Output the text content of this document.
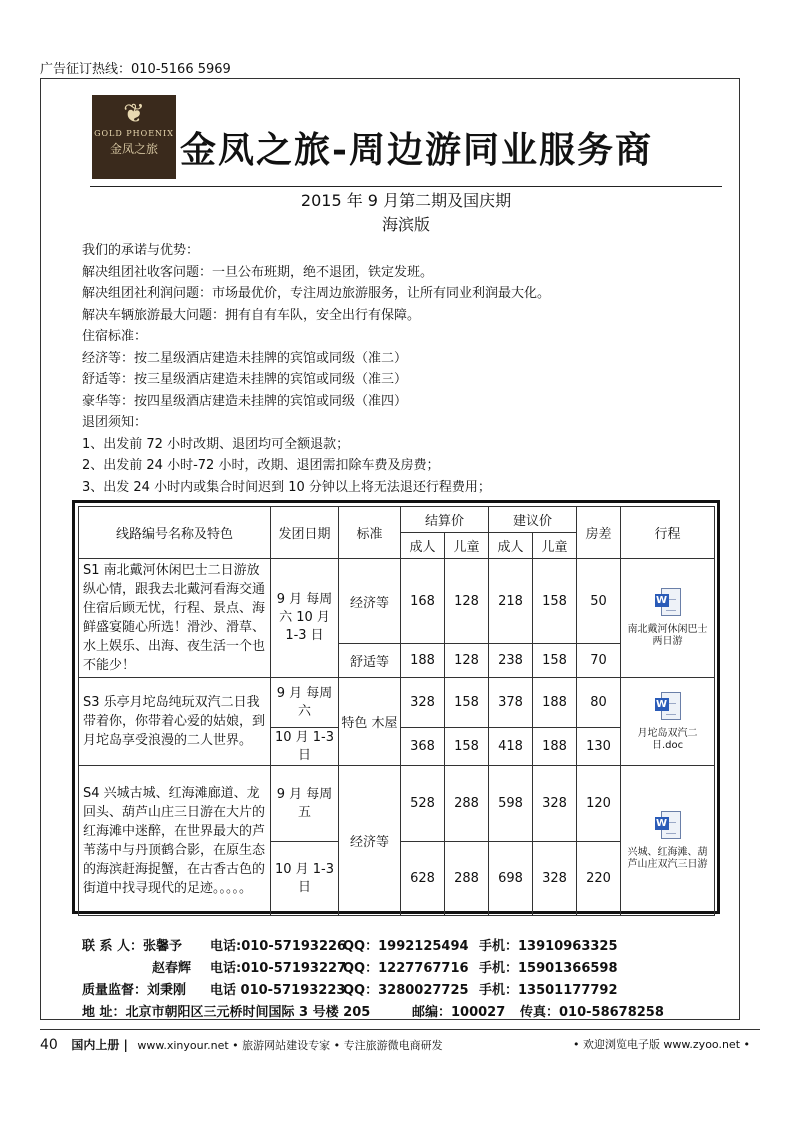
广告征订热线：010-5166 5969
❦
GOLD PHOENIX
金凤之旅 金凤之旅-周边游同业服务商
2015 年 9 月第二期及国庆期
海滨版
我们的承诺与优势：
解决组团社收客问题：一旦公布班期，绝不退团，铁定发班。
解决组团社利润问题：市场最优价，专注周边旅游服务，让所有同业利润最大化。
解决车辆旅游最大问题：拥有自有车队，安全出行有保障。
住宿标准：
经济等：按二星级酒店建造未挂牌的宾馆或同级（准二）
舒适等：按三星级酒店建造未挂牌的宾馆或同级（准三）
豪华等：按四星级酒店建造未挂牌的宾馆或同级（准四）
退团须知：
1、出发前 72 小时改期、退团均可全额退款；
2、出发前 24 小时-72 小时，改期、退团需扣除车费及房费；
3、出发 24 小时内或集合时间迟到 10 分钟以上将无法退还行程费用；
线路编号名称及特色	发团日期	标准	结算价		建议价		房差	行程
			成人	儿童	成人	儿童		
S1 南北戴河休闲巴士二日游放纵心情，跟我去北戴河看海交通住宿后顾无忧，行程、景点、海鲜盛宴随心所选！滑沙、滑草、水上娱乐、出海、夜生活一个也不能少！	9 月 每周六 10 月 1-3 日	经济等	168	128	218	158	50	W
南北戴河休闲巴士两日游

		舒适等	188	128	238	158	70	
S3 乐亭月坨岛纯玩双汽二日我带着你，你带着心爱的姑娘，到月坨岛享受浪漫的二人世界。	9 月 每周六	特色 木屋	328	158	378	188	80	W
月坨岛双汽二日.doc

	10 月 1-3 日		368	158	418	188	130	
S4 兴城古城、红海滩廊道、龙回头、葫芦山庄三日游在大片的红海滩中迷醉，在世界最大的芦苇荡中与丹顶鹤合影，在原生态的海滨赶海捉蟹，在古香古色的街道中找寻现代的足迹。。。。。	9 月 每周五	经济等	528	288	598	328	120	W
兴城、红海滩、葫芦山庄双汽三日游

	10 月 1-3 日		628	288	698	328	220	
联 系 人：张馨予 电话:010-57193226QQ：1992125494 手机：13910963325
赵春辉 电话:010-57193227QQ：1227767716 手机：15901366598
质量监督：刘秉刚 电话 010-57193223QQ：3280027725 手机：13501177792
地 址：北京市朝阳区三元桥时间国际 3 号楼 205	邮编：100027 传真：010-58678258
40 国内上册 | www.xinyour.net • 旅游网站建设专家 • 专注旅游微电商研发	• 欢迎浏览电子版 www.zyoo.net •
